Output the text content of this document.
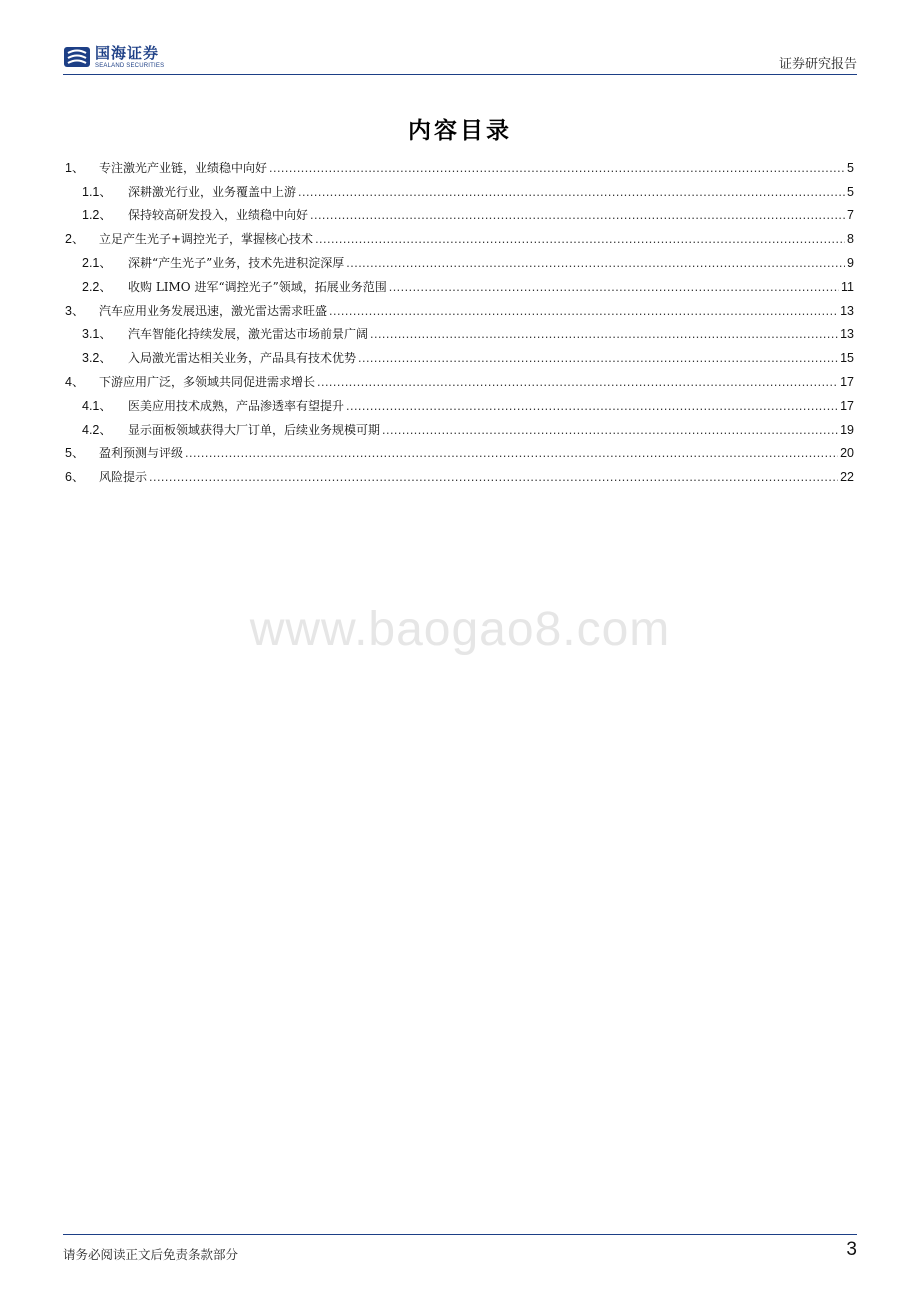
国海证券
SEALAND SECURITIES	证券研究报告
内容目录
1、	专注激光产业链，业绩稳中向好 .....	5
1.1、	深耕激光行业，业务覆盖中上游 .....	5
1.2、	保持较高研发投入，业绩稳中向好 .....	7
2、	立足产生光子+调控光子，掌握核心技术 .....	8
2.1、	深耕“产生光子”业务，技术先进积淀深厚 .....	9
2.2、	收购 LIMO 进军“调控光子”领域，拓展业务范围 .....	11
3、	汽车应用业务发展迅速，激光雷达需求旺盛 .....	13
3.1、	汽车智能化持续发展，激光雷达市场前景广阔 .....	13
3.2、	入局激光雷达相关业务，产品具有技术优势 .....	15
4、	下游应用广泛，多领域共同促进需求增长 .....	17
4.1、	医美应用技术成熟，产品渗透率有望提升 .....	17
4.2、	显示面板领域获得大厂订单，后续业务规模可期 .....	19
5、	盈利预测与评级 .....	20
6、	风险提示 .....	22
www.baogao8.com
请务必阅读正文后免责条款部分	3
